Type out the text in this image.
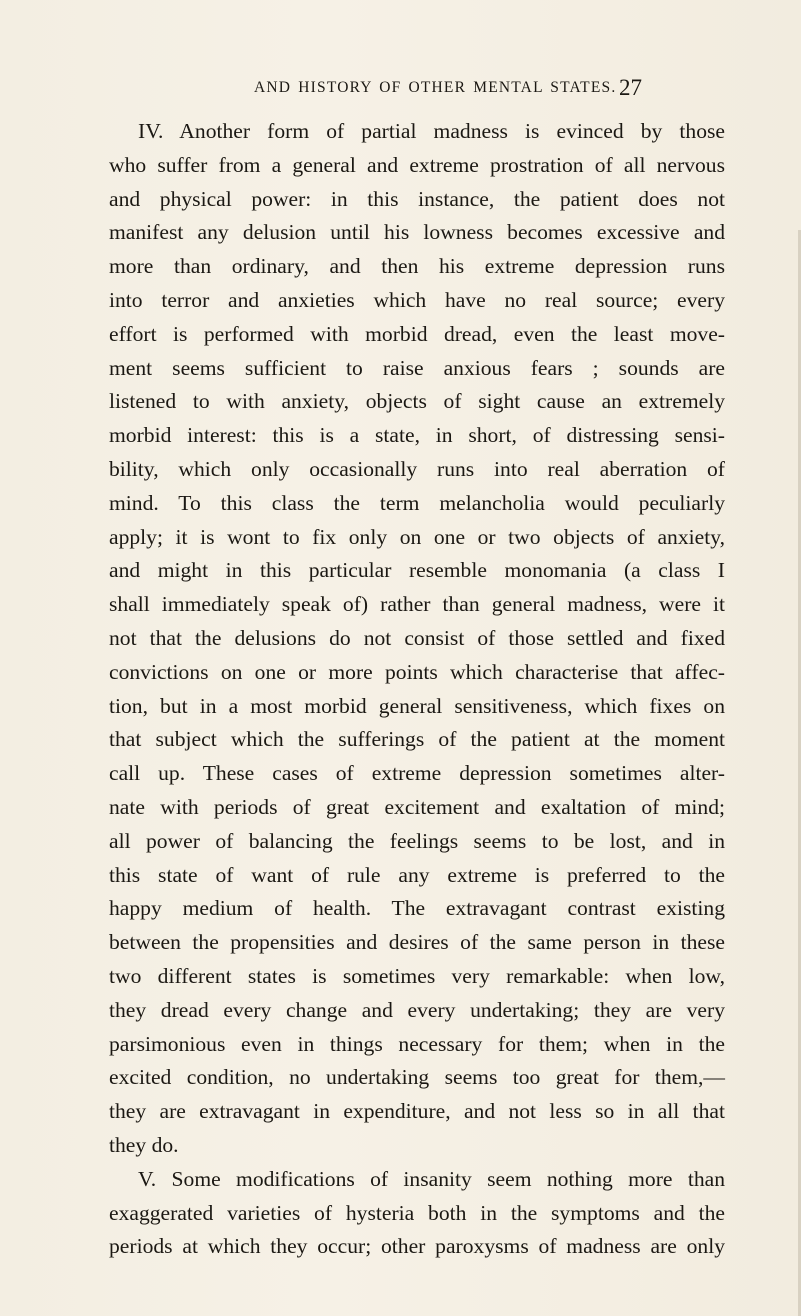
AND HISTORY OF OTHER MENTAL STATES. 27
IV. Another form of partial madness is evinced by those
who suffer from a general and extreme prostration of all nervous
and physical power: in this instance, the patient does not
manifest any delusion until his lowness becomes excessive and
more than ordinary, and then his extreme depression runs
into terror and anxieties which have no real source; every
effort is performed with morbid dread, even the least move-
ment seems sufficient to raise anxious fears ; sounds are
listened to with anxiety, objects of sight cause an extremely
morbid interest: this is a state, in short, of distressing sensi-
bility, which only occasionally runs into real aberration of
mind. To this class the term melancholia would peculiarly
apply; it is wont to fix only on one or two objects of anxiety,
and might in this particular resemble monomania (a class I
shall immediately speak of) rather than general madness, were it
not that the delusions do not consist of those settled and fixed
convictions on one or more points which characterise that affec-
tion, but in a most morbid general sensitiveness, which fixes on
that subject which the sufferings of the patient at the moment
call up. These cases of extreme depression sometimes alter-
nate with periods of great excitement and exaltation of mind;
all power of balancing the feelings seems to be lost, and in
this state of want of rule any extreme is preferred to the
happy medium of health. The extravagant contrast existing
between the propensities and desires of the same person in these
two different states is sometimes very remarkable: when low,
they dread every change and every undertaking; they are very
parsimonious even in things necessary for them; when in the
excited condition, no undertaking seems too great for them,—
they are extravagant in expenditure, and not less so in all that
they do.
V. Some modifications of insanity seem nothing more than
exaggerated varieties of hysteria both in the symptoms and the
periods at which they occur; other paroxysms of madness are only
